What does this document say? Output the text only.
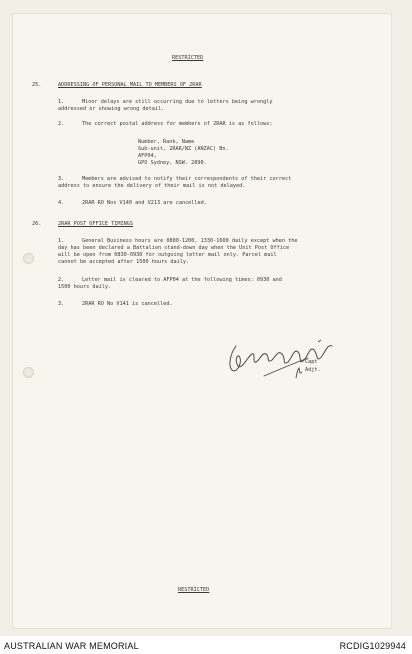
RESTRICTED
25.	ADDRESSING OF PERSONAL MAIL TO MEMBERS OF 2RAR
1.	Minor delays are still occurring due to letters being wrongly
addressed or showing wrong detail.
2.	The correct postal address for members of 2RAR is as follows:
Number, Rank, Name
Sub-unit, 2RAR/NZ (ANZAC) Bn.
AFP04,
GPO Sydney, NSW. 2890.
3.	Members are advised to notify their correspondents of their correct
address to ensure the delivery of their mail is not delayed.
4.	2RAR RO Nos V140 and V213 are cancelled.
26.	2RAR POST OFFICE TIMINGS
1.	General Business hours are 0800-1200, 1330-1600 daily except when the
day has been declared a Battalion stand-down day when the Unit Post Office
will be open from 0830-0930 for outgoing letter mail only. Parcel mail
cannot be accepted after 1500 hours daily.
2.	Letter mail is cleared to AFP04 at the following times: 0930 and
1500 hours daily.
3.	2RAR RO No V141 is cancelled.
Capt
Adjt.
RESTRICTED
AUSTRALIAN WAR MEMORIAL	RCDIG1029944
